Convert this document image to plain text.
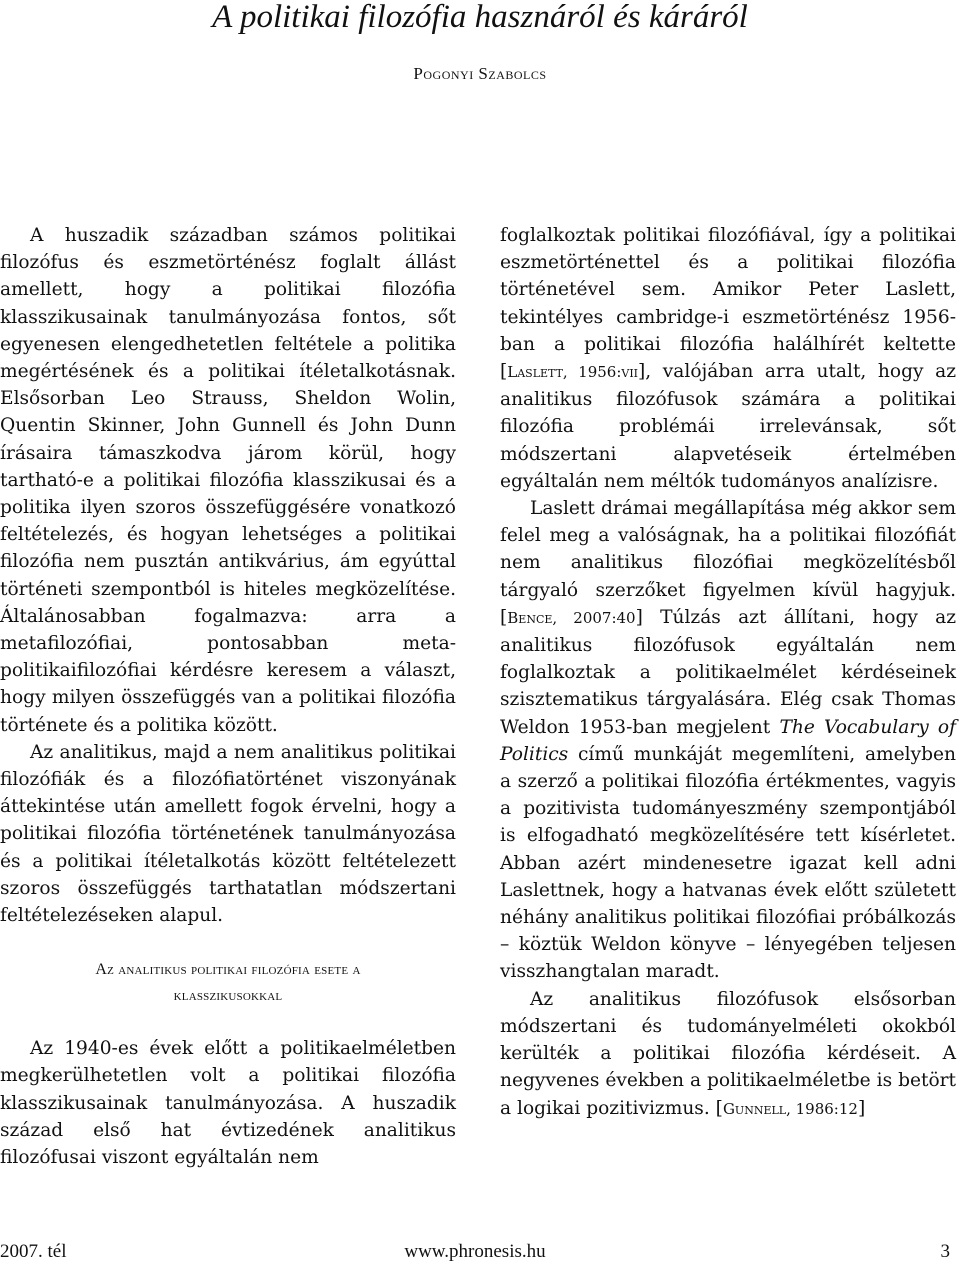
A politikai filozófia hasznáról és káráról
Pogonyi Szabolcs

A huszadik században számos politikai filozófus és eszmetörténész foglalt állást amellett, hogy a politikai filozófia klasszikusainak tanulmányozása fontos, sőt egyenesen elengedhetetlen feltétele a politika megértésének és a politikai ítéletalkotásnak. Elsősorban Leo Strauss, Sheldon Wolin, Quentin Skinner, John Gunnell és John Dunn írásaira támaszkodva járom körül, hogy tartható-e a politikai filozófia klasszikusai és a politika ilyen szoros összefüggésére vonatkozó feltételezés, és hogyan lehetséges a politikai filozófia nem pusztán antikvárius, ám egyúttal történeti szempontból is hiteles megközelítése. Általánosabban fogalmazva: arra a metafilozófiai, pontosabban meta-politikaifilozófiai kérdésre keresem a választ, hogy milyen összefüggés van a politikai filozófia története és a politika között.

Az analitikus, majd a nem analitikus politikai filozófiák és a filozófiatörténet viszonyának áttekintése után amellett fogok érvelni, hogy a politikai filozófia történetének tanulmányozása és a politikai ítéletalkotás között feltételezett szoros összefüggés tarthatatlan módszertani feltételezéseken alapul.

Az analitikus politikai filozófia esete a
klasszikusokkal

Az 1940-es évek előtt a politikaelméletben megkerülhetetlen volt a politikai filozófia klasszikusainak tanulmányozása. A huszadik század első hat évtizedének analitikus filozófusai viszont egyáltalán nem

foglalkoztak politikai filozófiával, így a politikai eszmetörténettel és a politikai filozófia történetével sem. Amikor Peter Laslett, tekintélyes cambridge-i eszmetörténész 1956-ban a politikai filozófia halálhírét keltette [Laslett, 1956:vii], valójában arra utalt, hogy az analitikus filozófusok számára a politikai filozófia problémái irrelevánsak, sőt módszertani alapvetéseik értelmében egyáltalán nem méltók tudományos analízisre.

Laslett drámai megállapítása még akkor sem felel meg a valóságnak, ha a politikai filozófiát nem analitikus filozófiai megközelítésből tárgyaló szerzőket figyelmen kívül hagyjuk. [Bence, 2007:40] Túlzás azt állítani, hogy az analitikus filozófusok egyáltalán nem foglalkoztak a politikaelmélet kérdéseinek szisztematikus tárgyalására. Elég csak Thomas Weldon 1953-ban megjelent The Vocabulary of Politics című munkáját megemlíteni, amelyben a szerző a politikai filozófia értékmentes, vagyis a pozitivista tudományeszmény szempontjából is elfogadható megközelítésére tett kísérletet. Abban azért mindenesetre igazat kell adni Laslettnek, hogy a hatvanas évek előtt született néhány analitikus politikai filozófiai próbálkozás – köztük Weldon könyve – lényegében teljesen visszhangtalan maradt.

Az analitikus filozófusok elsősorban módszertani és tudományelméleti okokból kerülték a politikai filozófia kérdéseit. A negyvenes években a politikaelméletbe is betört a logikai pozitivizmus. [Gunnell, 1986:12]

2007. tél	www.phronesis.hu	3
